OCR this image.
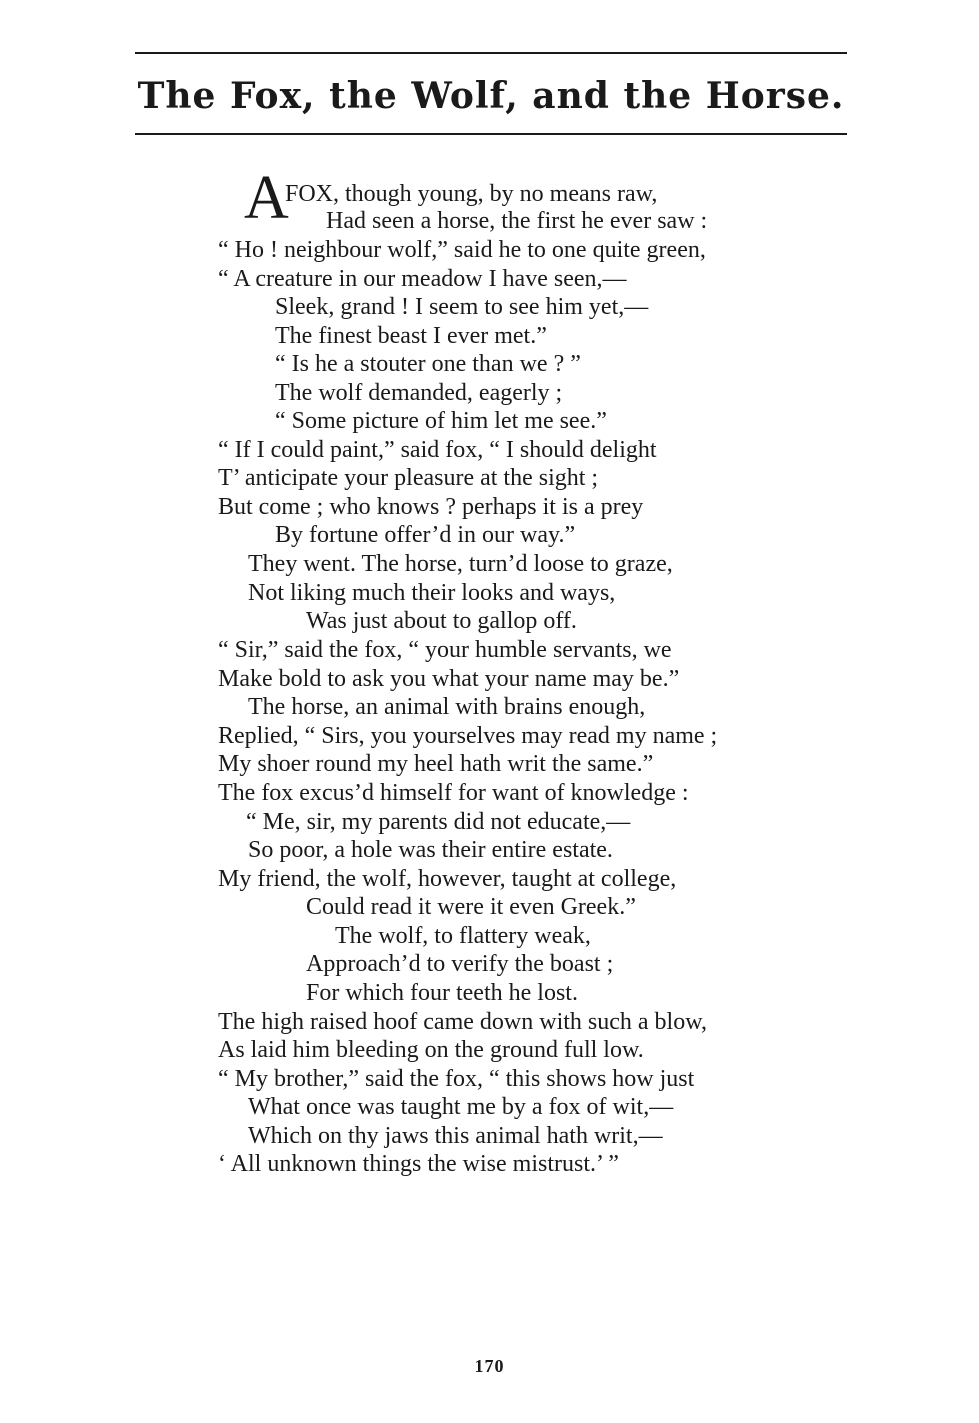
The Fox, the Wolf, and the Horse.
A
FOX, though young, by no means raw,
Had seen a horse, the first he ever saw :
“ Ho ! neighbour wolf,” said he to one quite green,
“ A creature in our meadow I have seen,—
Sleek, grand ! I seem to see him yet,—
The finest beast I ever met.”
“ Is he a stouter one than we ? ”
The wolf demanded, eagerly ;
“ Some picture of him let me see.”
“ If I could paint,” said fox, “ I should delight
T’ anticipate your pleasure at the sight ;
But come ; who knows ? perhaps it is a prey
By fortune offer’d in our way.”
They went. The horse, turn’d loose to graze,
Not liking much their looks and ways,
Was just about to gallop off.
“ Sir,” said the fox, “ your humble servants, we
Make bold to ask you what your name may be.”
The horse, an animal with brains enough,
Replied, “ Sirs, you yourselves may read my name ;
My shoer round my heel hath writ the same.”
The fox excus’d himself for want of knowledge :
“ Me, sir, my parents did not educate,—
So poor, a hole was their entire estate.
My friend, the wolf, however, taught at college,
Could read it were it even Greek.”
The wolf, to flattery weak,
Approach’d to verify the boast ;
For which four teeth he lost.
The high raised hoof came down with such a blow,
As laid him bleeding on the ground full low.
“ My brother,” said the fox, “ this shows how just
What once was taught me by a fox of wit,—
Which on thy jaws this animal hath writ,—
‘ All unknown things the wise mistrust.’ ”
170
